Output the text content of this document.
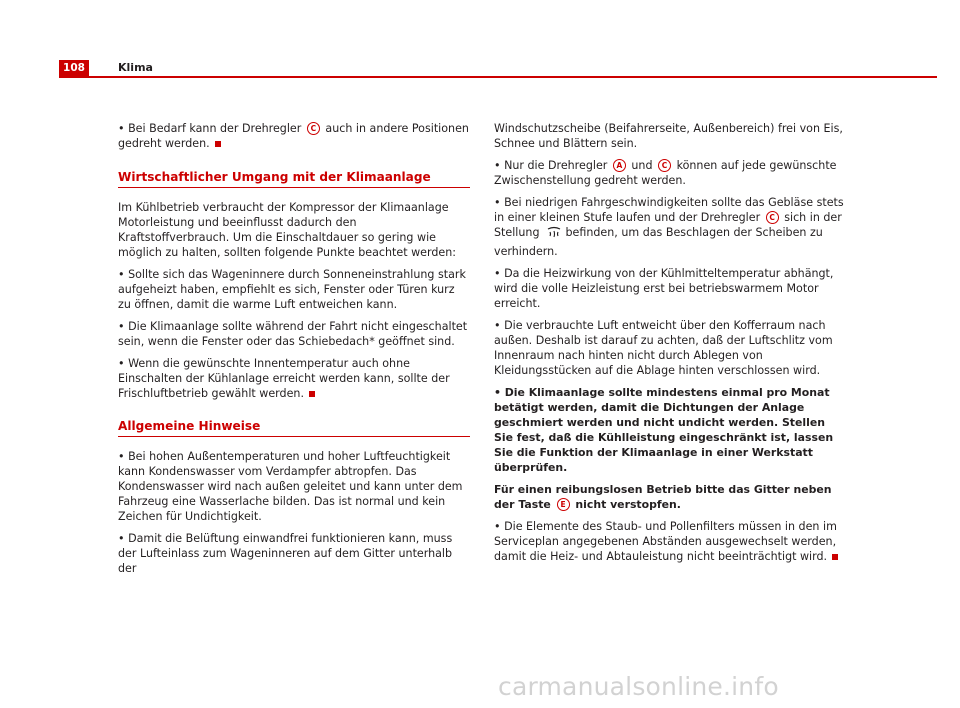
108	Klima

• Bei Bedarf kann der Drehregler C auch in andere Positionen gedreht werden.

Wirtschaftlicher Umgang mit der Klimaanlage

Im Kühlbetrieb verbraucht der Kompressor der Klimaanlage Motorleistung und beeinflusst dadurch den Kraftstoffverbrauch. Um die Einschaltdauer so gering wie möglich zu halten, sollten folgende Punkte beachtet werden:

• Sollte sich das Wageninnere durch Sonneneinstrahlung stark aufgeheizt haben, empfiehlt es sich, Fenster oder Türen kurz zu öffnen, damit die warme Luft entweichen kann.

• Die Klimaanlage sollte während der Fahrt nicht eingeschaltet sein, wenn die Fenster oder das Schiebedach* geöffnet sind.

• Wenn die gewünschte Innentemperatur auch ohne Einschalten der Kühlanlage erreicht werden kann, sollte der Frischluftbetrieb gewählt werden.

Allgemeine Hinweise

• Bei hohen Außentemperaturen und hoher Luftfeuchtigkeit kann Kondenswasser vom Verdampfer abtropfen. Das Kondenswasser wird nach außen geleitet und kann unter dem Fahrzeug eine Wasserlache bilden. Das ist normal und kein Zeichen für Undichtigkeit.

• Damit die Belüftung einwandfrei funktionieren kann, muss der Lufteinlass zum Wageninneren auf dem Gitter unterhalb der

Windschutzscheibe (Beifahrerseite, Außenbereich) frei von Eis, Schnee und Blättern sein.

• Nur die Drehregler A und C können auf jede gewünschte Zwischenstellung gedreht werden.

• Bei niedrigen Fahrgeschwindigkeiten sollte das Gebläse stets in einer kleinen Stufe laufen und der Drehregler C sich in der Stellung befinden, um das Beschlagen der Scheiben zu verhindern.

• Da die Heizwirkung von der Kühlmitteltemperatur abhängt, wird die volle Heizleistung erst bei betriebswarmem Motor erreicht.

• Die verbrauchte Luft entweicht über den Kofferraum nach außen. Deshalb ist darauf zu achten, daß der Luftschlitz vom Innenraum nach hinten nicht durch Ablegen von Kleidungsstücken auf die Ablage hinten verschlossen wird.

• Die Klimaanlage sollte mindestens einmal pro Monat betätigt werden, damit die Dichtungen der Anlage geschmiert werden und nicht undicht werden. Stellen Sie fest, daß die Kühlleistung eingeschränkt ist, lassen Sie die Funktion der Klimaanlage in einer Werkstatt überprüfen.

Für einen reibungslosen Betrieb bitte das Gitter neben der Taste E nicht verstopfen.

• Die Elemente des Staub- und Pollenfilters müssen in den im Serviceplan angegebenen Abständen ausgewechselt werden, damit die Heiz- und Abtauleistung nicht beeinträchtigt wird.

carmanualsonline.info
